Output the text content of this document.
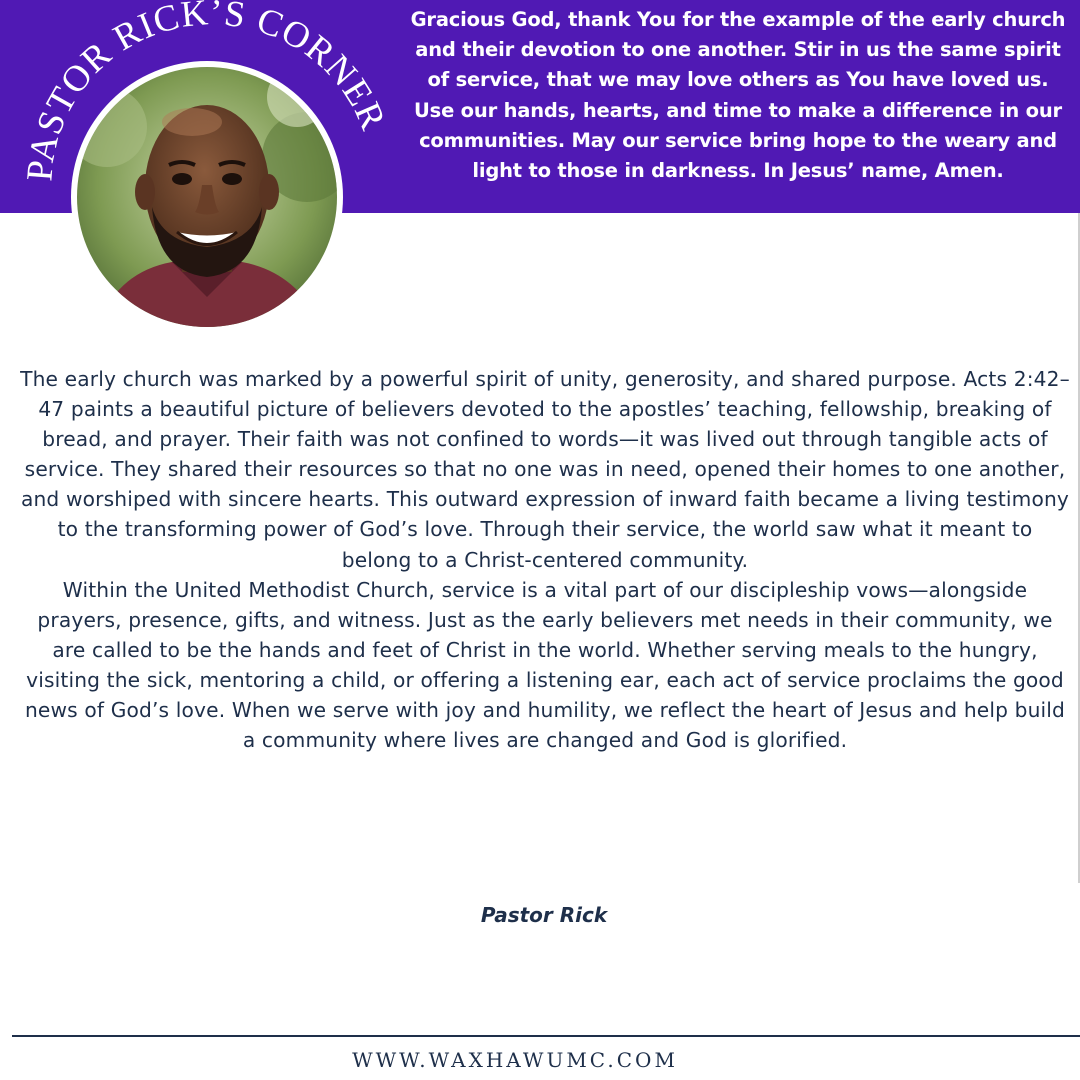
PASTOR RICK’S CORNER
Gracious God, thank You for the example of the early church and their devotion to one another. Stir in us the same spirit of service, that we may love others as You have loved us. Use our hands, hearts, and time to make a difference in our communities. May our service bring hope to the weary and light to those in darkness. In Jesus’ name, Amen.

The early church was marked by a powerful spirit of unity, generosity, and shared purpose. Acts 2:42–47 paints a beautiful picture of believers devoted to the apostles’ teaching, fellowship, breaking of bread, and prayer. Their faith was not confined to words—it was lived out through tangible acts of service. They shared their resources so that no one was in need, opened their homes to one another, and worshiped with sincere hearts. This outward expression of inward faith became a living testimony to the transforming power of God’s love. Through their service, the world saw what it meant to belong to a Christ-centered community.

Within the United Methodist Church, service is a vital part of our discipleship vows—alongside prayers, presence, gifts, and witness. Just as the early believers met needs in their community, we are called to be the hands and feet of Christ in the world. Whether serving meals to the hungry, visiting the sick, mentoring a child, or offering a listening ear, each act of service proclaims the good news of God’s love. When we serve with joy and humility, we reflect the heart of Jesus and help build a community where lives are changed and God is glorified.

Pastor Rick
WWW.WAXHAWUMC.COM
